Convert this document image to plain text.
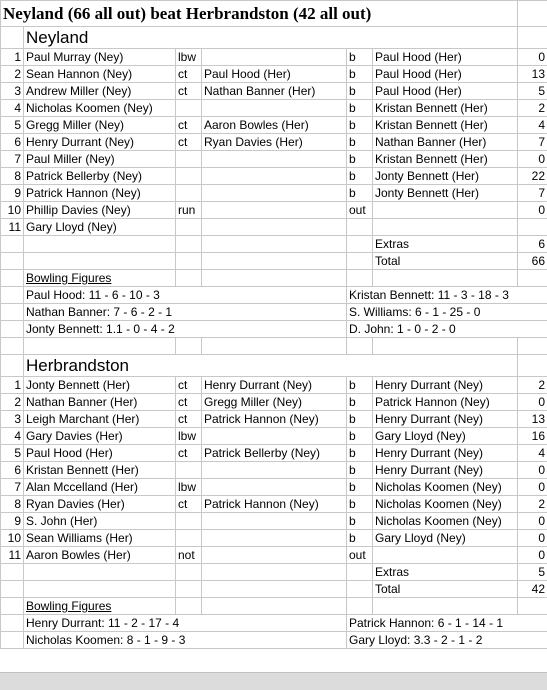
Neyland (66 all out) beat Herbrandston (42 all out)						
	Neyland					
1	Paul Murray (Ney)	lbw		b	Paul Hood (Her)	0
2	Sean Hannon (Ney)	ct	Paul Hood (Her)	b	Paul Hood (Her)	13
3	Andrew Miller (Ney)	ct	Nathan Banner (Her)	b	Paul Hood (Her)	5
4	Nicholas Koomen (Ney)			b	Kristan Bennett (Her)	2
5	Gregg Miller (Ney)	ct	Aaron Bowles (Her)	b	Kristan Bennett (Her)	4
6	Henry Durrant (Ney)	ct	Ryan Davies (Her)	b	Nathan Banner (Her)	7
7	Paul Miller (Ney)			b	Kristan Bennett (Her)	0
8	Patrick Bellerby (Ney)			b	Jonty Bennett (Her)	22
9	Patrick Hannon (Ney)			b	Jonty Bennett (Her)	7
10	Phillip Davies (Ney)	run		out		0
11	Gary Lloyd (Ney)					
					Extras	6
					Total	66
	Bowling Figures					
	Paul Hood: 11 - 6 - 10 - 3			Kristan Bennett: 11 - 3 - 18 - 3		
	Nathan Banner: 7 - 6 - 2 - 1			S. Williams: 6 - 1 - 25 - 0		
	Jonty Bennett: 1.1 - 0 - 4 - 2			D. John: 1 - 0 - 2 - 0		

	Herbrandston					
1	Jonty Bennett (Her)	ct	Henry Durrant (Ney)	b	Henry Durrant (Ney)	2
2	Nathan Banner (Her)	ct	Gregg Miller (Ney)	b	Patrick Hannon (Ney)	0
3	Leigh Marchant (Her)	ct	Patrick Hannon (Ney)	b	Henry Durrant (Ney)	13
4	Gary Davies (Her)	lbw		b	Gary Lloyd (Ney)	16
5	Paul Hood (Her)	ct	Patrick Bellerby (Ney)	b	Henry Durrant (Ney)	4
6	Kristan Bennett (Her)			b	Henry Durrant (Ney)	0
7	Alan Mccelland (Her)	lbw		b	Nicholas Koomen (Ney)	0
8	Ryan Davies (Her)	ct	Patrick Hannon (Ney)	b	Nicholas Koomen (Ney)	2
9	S. John (Her)			b	Nicholas Koomen (Ney)	0
10	Sean Williams (Her)			b	Gary Lloyd (Ney)	0
11	Aaron Bowles (Her)	not		out		0
					Extras	5
					Total	42
	Bowling Figures					
	Henry Durrant: 11 - 2 - 17 - 4			Patrick Hannon: 6 - 1 - 14 - 1		
	Nicholas Koomen: 8 - 1 - 9 - 3			Gary Lloyd: 3.3 - 2 - 1 - 2		
